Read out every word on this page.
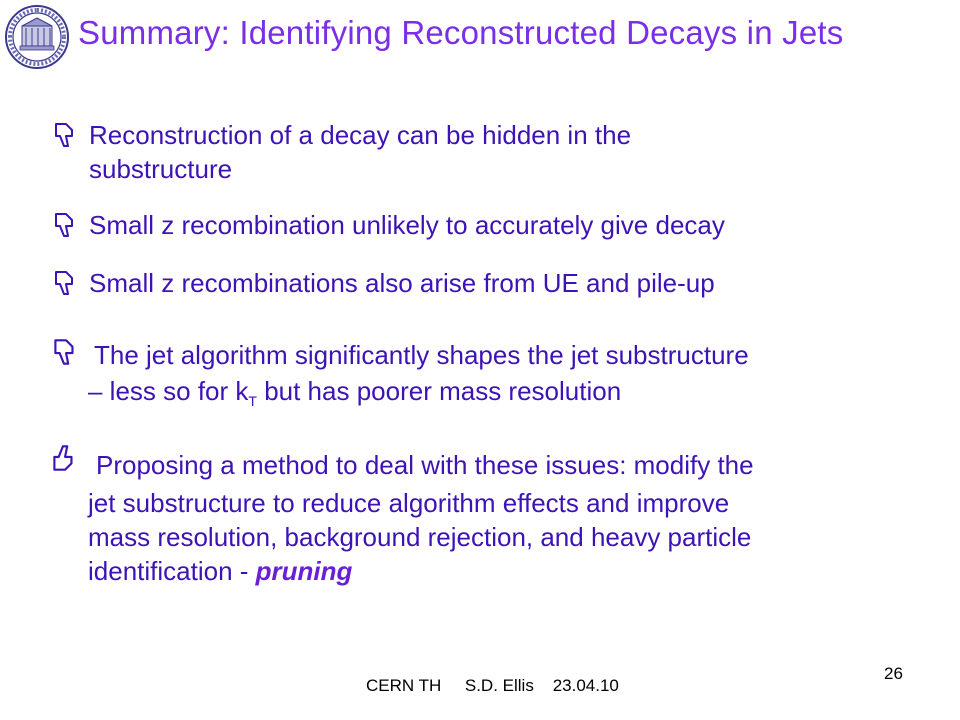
Summary: Identifying Reconstructed Decays in Jets
Reconstruction of a decay can be hidden in the
substructure
Small z recombination unlikely to accurately give decay
Small z recombinations also arise from UE and pile-up
The jet algorithm significantly shapes the jet substructure
– less so for $k_T$ but has poorer mass resolution
Proposing a method to deal with these issues: modify the
jet substructure to reduce algorithm effects and improve
mass resolution, background rejection, and heavy particle
identification - pruning
CERN TH     S.D. Ellis    23.04.10
26
